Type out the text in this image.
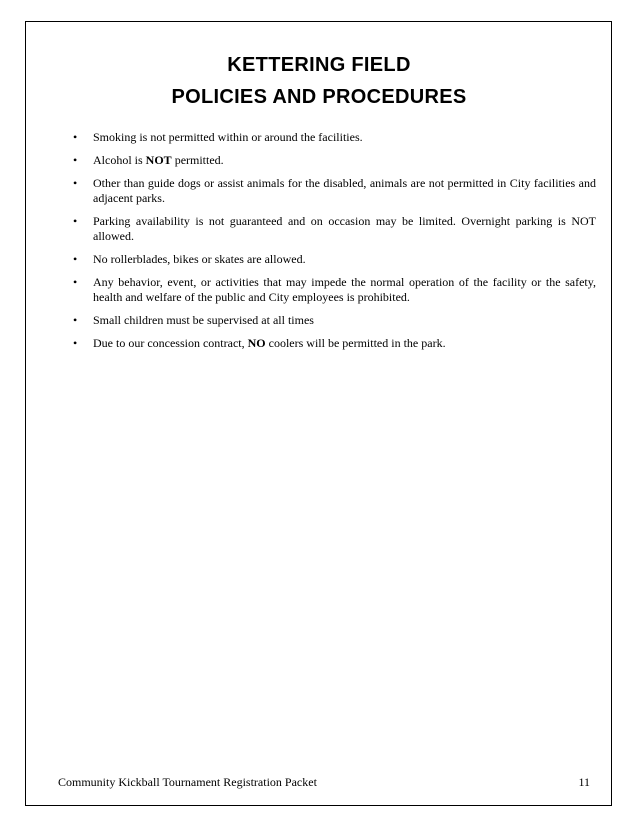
KETTERING FIELD
POLICIES AND PROCEDURES
• Smoking is not permitted within or around the facilities.
• Alcohol is NOT permitted.
• Other than guide dogs or assist animals for the disabled, animals are not permitted in City facilities and adjacent parks.
• Parking availability is not guaranteed and on occasion may be limited. Overnight parking is NOT allowed.
• No rollerblades, bikes or skates are allowed.
• Any behavior, event, or activities that may impede the normal operation of the facility or the safety, health and welfare of the public and City employees is prohibited.
• Small children must be supervised at all times
• Due to our concession contract, NO coolers will be permitted in the park.
Community Kickball Tournament Registration Packet	11
